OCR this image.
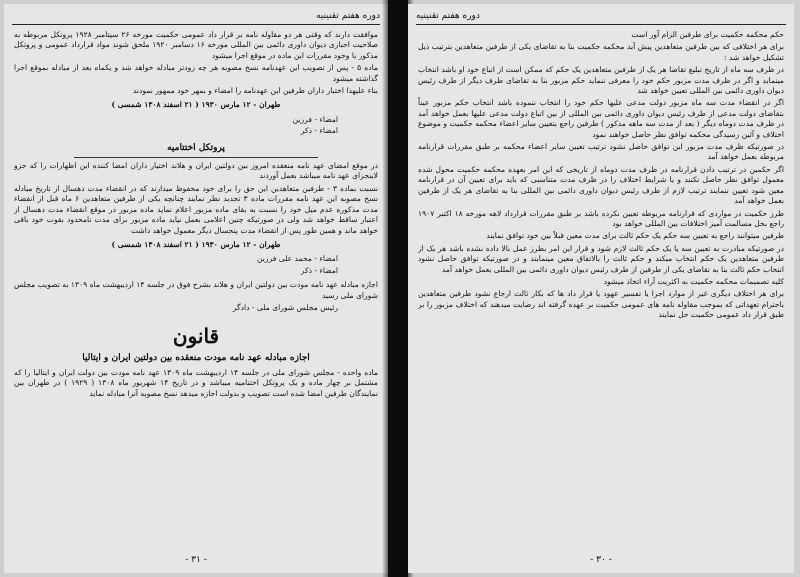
دوره هفتم تقنینیه

موافقت دارند که وقتی هر دو مقاوله نامه بر قرار داد عمومی حکمیت مورخه ۲۶ سپتامبر ۱۹۲۸ پروتکل مربوطه به صلاحیت اجباری دیوان داوری دائمی بین المللی مورخه ۱۶ دسامبر ۱۹۲۰ ملحق شوند مواد قرارداد عمومی و پروتکل مذکور با وجود مقررات این ماده در موقع اجرا میشود

ماده ۵ - پس از تصویب این عهدنامه نسخ مصوبه هر چه زودتر مبادله خواهد شد و یکماه بعد از مبادله بموقع اجرا گذاشته میشود

بناء علیهذا اختیار داران طرفین این عهدنامه را امضاء و بمهر خود ممهور نمودند

طهران - ۱۲ مارس ۱۹۳۰ ( ۲۱ اسفند ۱۳۰۸ شمسی )
امضاء - فرزین
امضاء - ذکر
پروتکل اختتامیه

در موقع امضای عهد نامه منعقده امروز بین دولتین ایران و هلاند اختیار داران امضا کننده این اظهارات را که جزو لاینجزای عهد نامه میباشد بعمل آوردند

نسبت بماده ۳ - طرفین متعاهدین این حق را برای خود محفوظ میدارند که در انقضاء مدت دهسال از تاریخ مبادله نسخ مصوبه این عهد نامه مقررات ماده ۳ تجدید نظر نمایند چنانچه یکی از طرفین متعاهدین ۶ ماه قبل از انقضاء مدت مذکوره عدم میل خود را نسبت به بقای ماده مزبور اعلام نماید ماده مزبور در موقع انقضاء مدت دهسال از اعتبار ساقط خواهد شد ولی در صورتیکه چنین اعلامی بعمل نیاید ماده مزبور برای مدت نامحدود بقوت خود باقی خواهد ماند و همین طور پس از انقضاء مدت پنجسال دیگر معمول خواهد داشت

طهران - ۱۲ مارس ۱۹۳۰ ( ۲۱ اسفند ۱۳۰۸ شمسی )
امضاء - محمد علی فرزین
امضاء - ذکر

اجازه مبادله عهد نامه مودت بین دولتین ایران و هلاند بشرح فوق در جلسه ۱۴ اردیبهشت ماه ۱۳۰۹ به تصویب مجلس شورای ملی رسید

رئیس مجلس شورای ملی - دادگر
قانون
اجازه مبادله عهد نامه مودت منعقده بین دولتین ایران و ایتالیا

ماده واحده - مجلس شورای ملی در جلسه ۱۴ اردیبهشت ماه ۱۳۰۹ عهد نامه مودت بین دولت ایران و ایتالیا را که مشتمل بر چهار ماده و یک پروتکل اختتامیه میباشد و در تاریخ ۱۴ شهریور ماه ۱۳۰۸ ( ۱۹۲۹ ) در طهران بین نمایندگان طرفین امضا شده است تصویب و بدولت اجازه میدهد نسخ مصوبه آنرا مبادله نماید

- ۳۱ -
دوره هفتم تقنینیه

حکم محکمه حکمیت برای طرفین الزام آور است

برای هر اختلافی که بین طرفین متعاهدین پیش آید محکمه حکمیت بنا به تقاضای یکی از طرفین متعاهدین بترتیب ذیل تشکیل خواهد شد :

در ظرف سه ماه از تاریخ تبلیغ تقاضا هر یک از طرفین متعاهدین یک حکم که ممکن است از اتباع خود او باشد انتخاب مینماید و اگر در ظرف مدت مزبور حکم خود را معرفی ننماید حکم مزبور بنا به تقاضای طرف دیگر از طرف رئیس دیوان داوری دائمی بین المللی تعیین خواهد شد

اگر در انقضاء مدت سه ماه مزبور دولت مدعی علیها حکم خود را انتخاب ننموده باشد انتخاب حکم مزبور عیناً بتقاضای دولت مدعی از طرف رئیس دیوان داوری دائمی بین المللی از بین اتباع دولت مدعی علیها بعمل خواهد آمد در ظرف مدت دوماه دیگر ( بعد از مدت سه ماهه مذکور ) طرفین راجع بتعیین سایر اعضاء محکمه حکمیت و موضوع اختلاف و آئین رسیدگی محکمه توافق نظر حاصل خواهند نمود

در صورتیکه ظرف مدت مزبور این توافق حاصل نشود ترتیب تعیین سایر اعضاء محکمه بر طبق مقررات قرارنامه مربوطه بعمل خواهد آمد

اگر حکمین در ترتیب دادن قرارنامه در ظرف مدت دوماه از تاریخی که این امر بعهده محکمه حکمیت محول شده معمول توافق نظر حاصل نکنند و یا شرایط اختلاف را در ظرف مدت متناسبی که باید برای تعیین آن در قرارنامه معین شود تعیین ننمایند ترتیب لازم از طرف رئیس دیوان داوری دائمی بین المللی بنا به تقاضای هر یک از طرفین بعمل خواهد آمد

طرز حکمیت در مواردی که قرارنامه مربوطه تعیین نکرده باشد بر طبق مقررات قرارداد لاهه مورخه ۱۸ اکتبر ۱۹۰۷ راجع بحل مسالمت آمیز اختلافات بین المللی خواهد بود

طرفین میتوانند راجع به تعیین سه حکم یک حکم ثالث برای مدت معین قبلاً بین خود توافق نمایند

در صورتیکه مبادرت به تعیین سه یا یک حکم ثالث لازم شود و قرار این امر بطرز عمل بالا داده نشده باشد هر یک از طرفین متعاهدین یک حکم انتخاب میکند و حکم ثالث را بالاتفاق معین مینمایند و در صورتیکه توافق حاصل نشود انتخاب حکم ثالث بنا به تقاضای یکی از طرفین از طرف رئیس دیوان داوری دائمی بین المللی بعمل خواهد آمد

کلیه تصمیمات محکمه حکمیت به اکثریت آراء اتخاذ میشود

برای هر اختلاف دیگری غیر از موارد اجرا یا تفسیر عهود یا قرار داد ها که بکار ثالث ارجاع نشود طرفین متعاهدین باحترام تعهداتی که بموجب مقاوله نامه های عمومی حکمیت بر عهده گرفته اند رضایت میدهند که اختلاف مزبور را بر طبق قرار داد عمومی حکمیت حل نمایند

- ۳۰ -
